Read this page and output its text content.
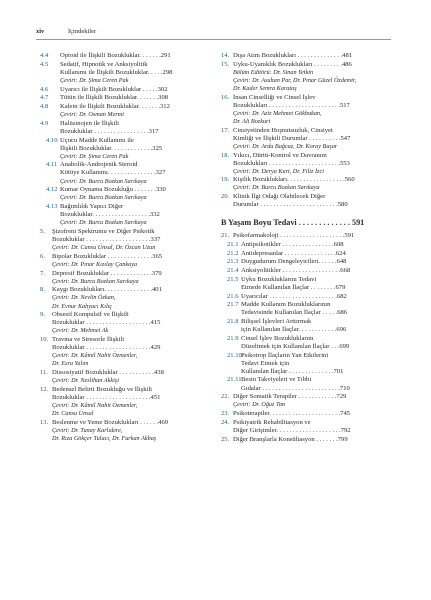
xiv	İçindekiler
4.4 Opioid ile İlişkili Bozukluklar. . . . . . .291
4.5 Sedatif, Hipnotik ve Anksiyolitik
Kullanımı ile İlişkili Bozukluklar. . . . .298
Çeviri: Dr. Şima Ceren Pak
4.6 Uyarıcı ile İlişkili Bozukluklar . . . . .302
4.7 Tütün ile İlişkili Bozukluklar. . . . . . .308
4.8 Kalein ile İlişkili Bozukluklar. . . . . . .312
Çeviri: Dr. Osman Mermi
4.9 Halüsinojen ile İlişkili
Bozukluklar . . . . . . . . . . . . . . . . .317
4.10 Uçucu Madde Kullanımı ile
İlişkili Bozukluklar. . . . . . . . . . . . .325
Çeviri: Dr. Şima Ceren Pak
4.11 Anabolik-Androjenik Steroid
Kötüye Kullanımı. . . . . . . . . . . . . . .327
Çeviri: Dr. Burcu Bozkan Sarıkaya
4.12 Kumar Oynama Bozukluğu . . . . . . .330
Çeviri: Dr. Burcu Bozkan Sarıkaya
4.13 Bağımlılık Yapıcı Diğer
Bozukluklar. . . . . . . . . . . . . . . . . .332
Çeviri: Dr. Burcu Bozkan Sarıkaya
5. Şizofreni Spektrumu ve Diğer Psikotik
Bozukluklar . . . . . . . . . . . . . . . . . . . .337
Çeviri: Dr. Cansu Ünsal, Dr. Özcan Uzun
6. Bipolar Bozukluklar . . . . . . . . . . . . . .365
Çeviri: Dr. Pınar Kızılay Çankaya
7. Depresif Bozukluklar . . . . . . . . . . . . .379
Çeviri: Dr. Burcu Bozkan Sarıkaya
8. Kaygı Bozuklukları. . . . . . . . . . . . . . .401
Çeviri: Dr. Nevlin Özkan,
Dr. Evnur Kahyacı Kılıç
9. Obsesif Kompulsif ve İlişkili
Bozukluklar . . . . . . . . . . . . . . . . . . . .415
Çeviri: Dr. Mehmet Ak
10. Travma ve Stresorle İlişkili
Bozukluklar . . . . . . . . . . . . . . . . . . . .429
Çeviri: Dr. Kâmil Nahit Özmenler,
Dr. Esra Yalım
11. Dissosiyatif Bozukluklar . . . . . . . . . . .438
Çeviri: Dr. Neslihan Akkişi
12. Bedensel Belirti Bozukluğu ve İlişkili
Bozukluklar . . . . . . . . . . . . . . . . . . . .451
Çeviri: Dr. Kâmil Nahit Özmenler,
Dr. Cansu Ünsal
13. Beslenme ve Yeme Bozuklukları . . . . . .469
Çeviri: Dr. Tunay Karlıdere,
Dr. Rıza Gökçer Tulacı, Dr. Furkan Akbaş
14. Dışa Atım Bozuklukları . . . . . . . . . . . . . .481
15. Uyku-Uyanıklık Bozuklukları . . . . . . . . .486
Bölüm Editörü: Dr. Sinan Yetkin
Çeviri: Dr. Asuhan Par, Dr. Pınar Güzel Özdemir,
Dr. Kader Semra Karataş
16. İnsan Cinselliği ve Cinsel İşlev
Bozuklukları . . . . . . . . . . . . . . . . . . . . . .517
Çeviri: Dr. Aziz Mehmet Gökbakan,
Dr. Ali Bozkurt
17. Cinsiyetinden Hoşnutsuzluk, Cinsiyet
Kimliği ve İlişkili Durumlar . . . . . . . . . .547
Çeviri: Dr. Arda Bağcaz, Dr. Koray Başar
18. Yıkıcı, Dürtü-Kontrol ve Davranım
Bozuklukları . . . . . . . . . . . . . . . . . . . . . .553
Çeviri: Dr. Derya Kurt, Dr. Filiz İzci
19. Kişilik Bozuklukları. . . . . . . . . . . . . . . . . .560
Çeviri: Dr. Burcu Bozkan Sarıkaya
20. Klinik İlgi Odağı Olabilecek Diğer
Durumlar . . . . . . . . . . . . . . . . . . . . . . . .580
B Yaşam Boyu Tedavi . . . . . . . . . . . . . 591
21. Psikofarmakoloji . . . . . . . . . . . . . . . . . . . .591
21.1 Antipsikotikler . . . . . . . . . . . . . . . .608
21.2 Antidepresanlar . . . . . . . . . . . . . . . .624
21.3 Duygudurum Dengeleyicileri. . . . . .648
21.4 Anksiyolitikler . . . . . . . . . . . . . . . . . .668
21.5 Uyku Bozukluklarını Tedavi
Etmede Kullanılan İlaçlar . . . . . . . .679
21.6 Uyarıcılar . . . . . . . . . . . . . . . . . . . . .682
21.7 Madde Kullanım Bozukluklarının
Tedavisinde Kullanılan İlaçlar . . . . .686
21.8 Bilişsel İşlevleri Arttırmak
için Kullanılan İlaçlar. . . . . . . . . . . .696
21.9 Cinsel İşlev Bozukluklarını
Düzeltmek için Kullanılan İlaçlar . . .699
21.10 Psikotrop İlaçların Yan Etkilerini
Tedavi Etmek için
Kullanılan İlaçlar . . . . . . . . . . . . . .701
21.11 Besin Takviyeleri ve Tıbbi
Gıdalar . . . . . . . . . . . . . . . . . . . . . . . .710
22. Diğer Somatik Terapiler . . . . . . . . . . . .729
Çeviri: Dr. Oğuz Tan
23. Psikoterapiler. . . . . . . . . . . . . . . . . . . . . .745
24. Psikiyatrik Rehabilitasyon ve
Diğer Girişimler. . . . . . . . . . . . . . . . . . . .792
25. Diğer Branşlarla Konsültasyon . . . . . . .799
